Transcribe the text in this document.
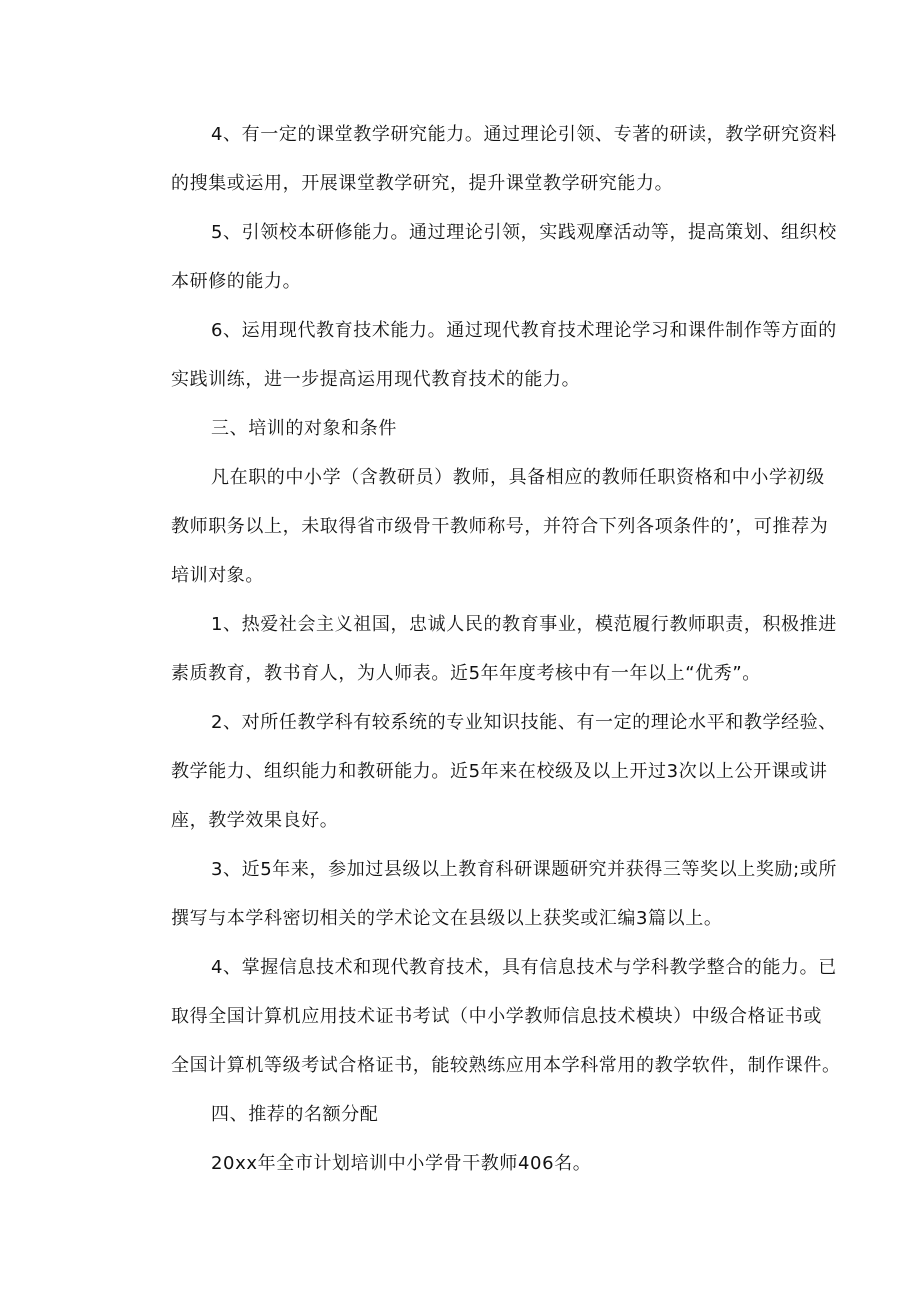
4、有一定的课堂教学研究能力。通过理论引领、专著的研读，教学研究资料
的搜集或运用，开展课堂教学研究，提升课堂教学研究能力。

5、引领校本研修能力。通过理论引领，实践观摩活动等，提高策划、组织校
本研修的能力。

6、运用现代教育技术能力。通过现代教育技术理论学习和课件制作等方面的
实践训练，进一步提高运用现代教育技术的能力。

三、培训的对象和条件

凡在职的中小学（含教研员）教师，具备相应的教师任职资格和中小学初级
教师职务以上，未取得省市级骨干教师称号，并符合下列各项条件的’，可推荐为
培训对象。

1、热爱社会主义祖国，忠诚人民的教育事业，模范履行教师职责，积极推进
素质教育，教书育人，为人师表。近5年年度考核中有一年以上“优秀”。

2、对所任教学科有较系统的专业知识技能、有一定的理论水平和教学经验、
教学能力、组织能力和教研能力。近5年来在校级及以上开过3次以上公开课或讲
座，教学效果良好。

3、近5年来，参加过县级以上教育科研课题研究并获得三等奖以上奖励;或所
撰写与本学科密切相关的学术论文在县级以上获奖或汇编3篇以上。

4、掌握信息技术和现代教育技术，具有信息技术与学科教学整合的能力。已
取得全国计算机应用技术证书考试（中小学教师信息技术模块）中级合格证书或
全国计算机等级考试合格证书，能较熟练应用本学科常用的教学软件，制作课件。

四、推荐的名额分配

20xx年全市计划培训中小学骨干教师406名。
